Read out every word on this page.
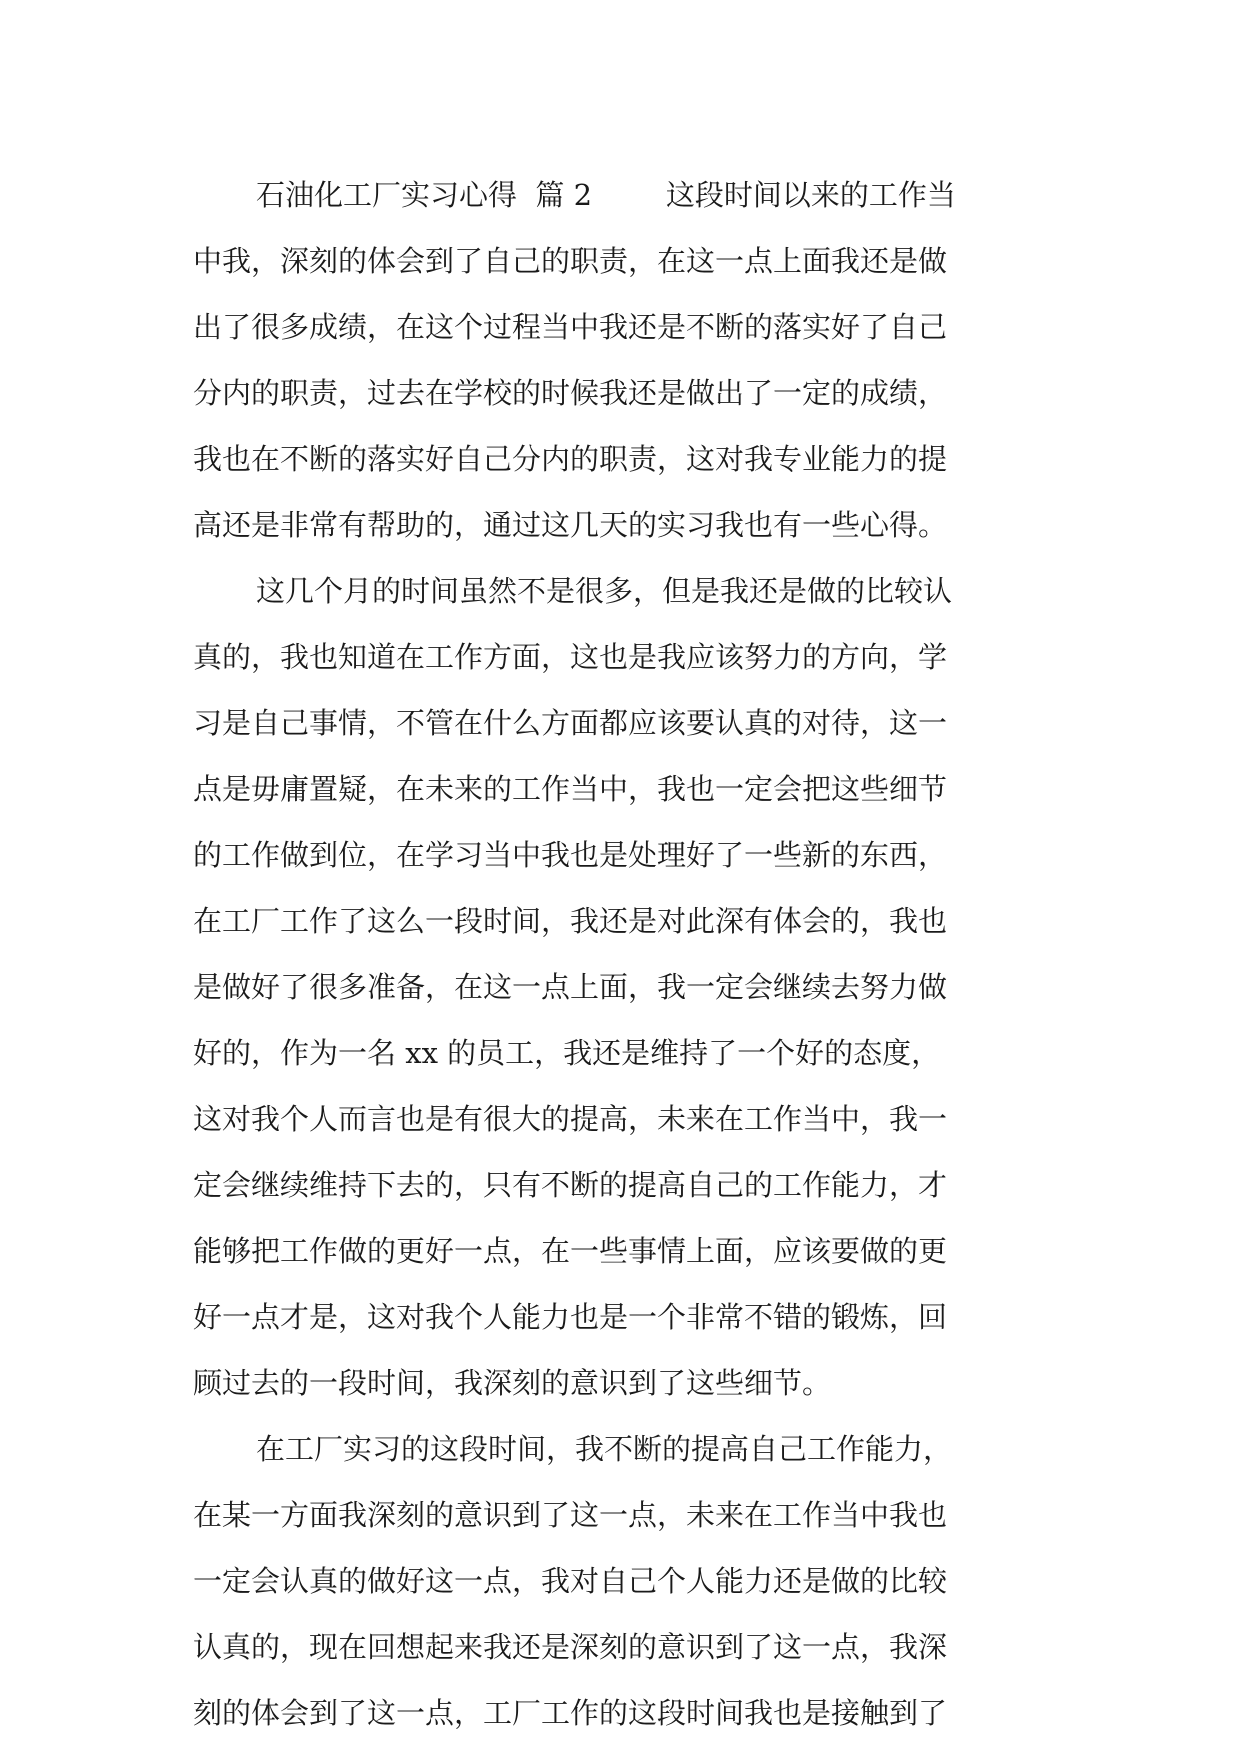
石油化工厂实习心得  篇 2        这段时间以来的工作当
中我，深刻的体会到了自己的职责，在这一点上面我还是做
出了很多成绩，在这个过程当中我还是不断的落实好了自己
分内的职责，过去在学校的时候我还是做出了一定的成绩，
我也在不断的落实好自己分内的职责，这对我专业能力的提
高还是非常有帮助的，通过这几天的实习我也有一些心得。
这几个月的时间虽然不是很多，但是我还是做的比较认
真的，我也知道在工作方面，这也是我应该努力的方向，学
习是自己事情，不管在什么方面都应该要认真的对待，这一
点是毋庸置疑，在未来的工作当中，我也一定会把这些细节
的工作做到位，在学习当中我也是处理好了一些新的东西，
在工厂工作了这么一段时间，我还是对此深有体会的，我也
是做好了很多准备，在这一点上面，我一定会继续去努力做
好的，作为一名 xx 的员工，我还是维持了一个好的态度，
这对我个人而言也是有很大的提高，未来在工作当中，我一
定会继续维持下去的，只有不断的提高自己的工作能力，才
能够把工作做的更好一点，在一些事情上面，应该要做的更
好一点才是，这对我个人能力也是一个非常不错的锻炼，回
顾过去的一段时间，我深刻的意识到了这些细节。
在工厂实习的这段时间，我不断的提高自己工作能力，
在某一方面我深刻的意识到了这一点，未来在工作当中我也
一定会认真的做好这一点，我对自己个人能力还是做的比较
认真的，现在回想起来我还是深刻的意识到了这一点，我深
刻的体会到了这一点，工厂工作的这段时间我也是接触到了
